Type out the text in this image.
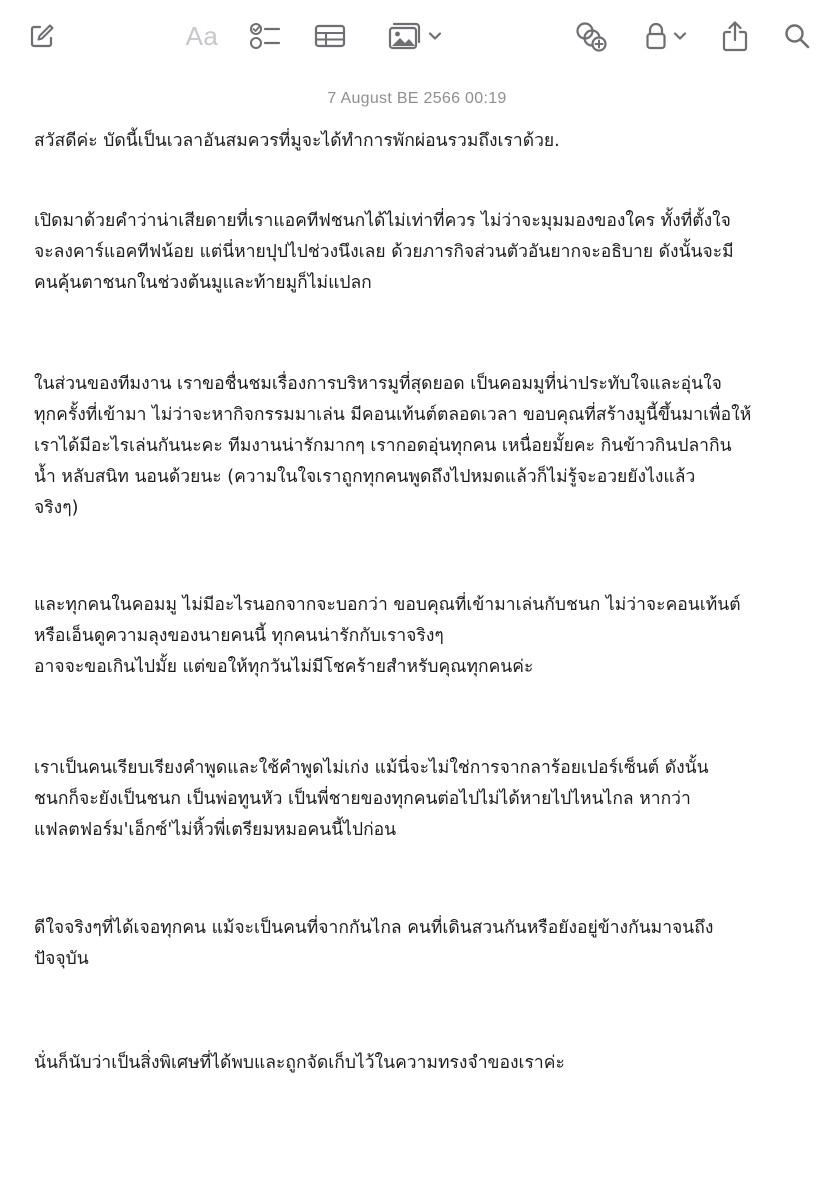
Aa
7 August BE 2566 00:19
สวัสดีค่ะ บัดนี้เป็นเวลาอันสมควรที่มูจะได้ทำการพักผ่อนรวมถึงเราด้วย.
เปิดมาด้วยคำว่าน่าเสียดายที่เราแอคทีฟชนกได้ไม่เท่าที่ควร ไม่ว่าจะมุมมองของใคร ทั้งที่ตั้งใจ
จะลงคาร์แอคทีฟน้อย แต่นี่หายปุปไปช่วงนึงเลย ด้วยภารกิจส่วนตัวอันยากจะอธิบาย ดังนั้นจะมี
คนคุ้นตาชนกในช่วงต้นมูและท้ายมูก็ไม่แปลก
ในส่วนของทีมงาน เราขอชื่นชมเรื่องการบริหารมูที่สุดยอด เป็นคอมมูที่น่าประทับใจและอุ่นใจ
ทุกครั้งที่เข้ามา ไม่ว่าจะหากิจกรรมมาเล่น มีคอนเท้นต์ตลอดเวลา ขอบคุณที่สร้างมูนี้ขึ้นมาเพื่อให้
เราได้มีอะไรเล่นกันนะคะ ทีมงานน่ารักมากๆ เรากอดอุ่นทุกคน เหนื่อยมั้ยคะ กินข้าวกินปลากิน
น้ำ หลับสนิท นอนด้วยนะ (ความในใจเราถูกทุกคนพูดถึงไปหมดแล้วก็ไม่รู้จะอวยยังไงแล้ว
จริงๆ)
และทุกคนในคอมมู ไม่มีอะไรนอกจากจะบอกว่า ขอบคุณที่เข้ามาเล่นกับชนก ไม่ว่าจะคอนเท้นต์
หรือเอ็นดูความลุงของนายคนนี้ ทุกคนน่ารักกับเราจริงๆ
อาจจะขอเกินไปมั้ย แต่ขอให้ทุกวันไม่มีโชคร้ายสำหรับคุณทุกคนค่ะ
เราเป็นคนเรียบเรียงคำพูดและใช้คำพูดไม่เก่ง แม้นี่จะไม่ใช่การจากลาร้อยเปอร์เซ็นต์ ดังนั้น
ชนกก็จะยังเป็นชนก เป็นพ่อทูนหัว เป็นพี่ชายของทุกคนต่อไปไม่ได้หายไปไหนไกล หากว่า
แฟลตฟอร์ม'เอ็กซ์'ไม่หิ้วพี่เตรียมหมอคนนี้ไปก่อน
ดีใจจริงๆที่ได้เจอทุกคน แม้จะเป็นคนที่จากกันไกล คนที่เดินสวนกันหรือยังอยู่ข้างกันมาจนถึง
ปัจจุบัน
นั่นก็นับว่าเป็นสิ่งพิเศษที่ได้พบและถูกจัดเก็บไว้ในความทรงจำของเราค่ะ
